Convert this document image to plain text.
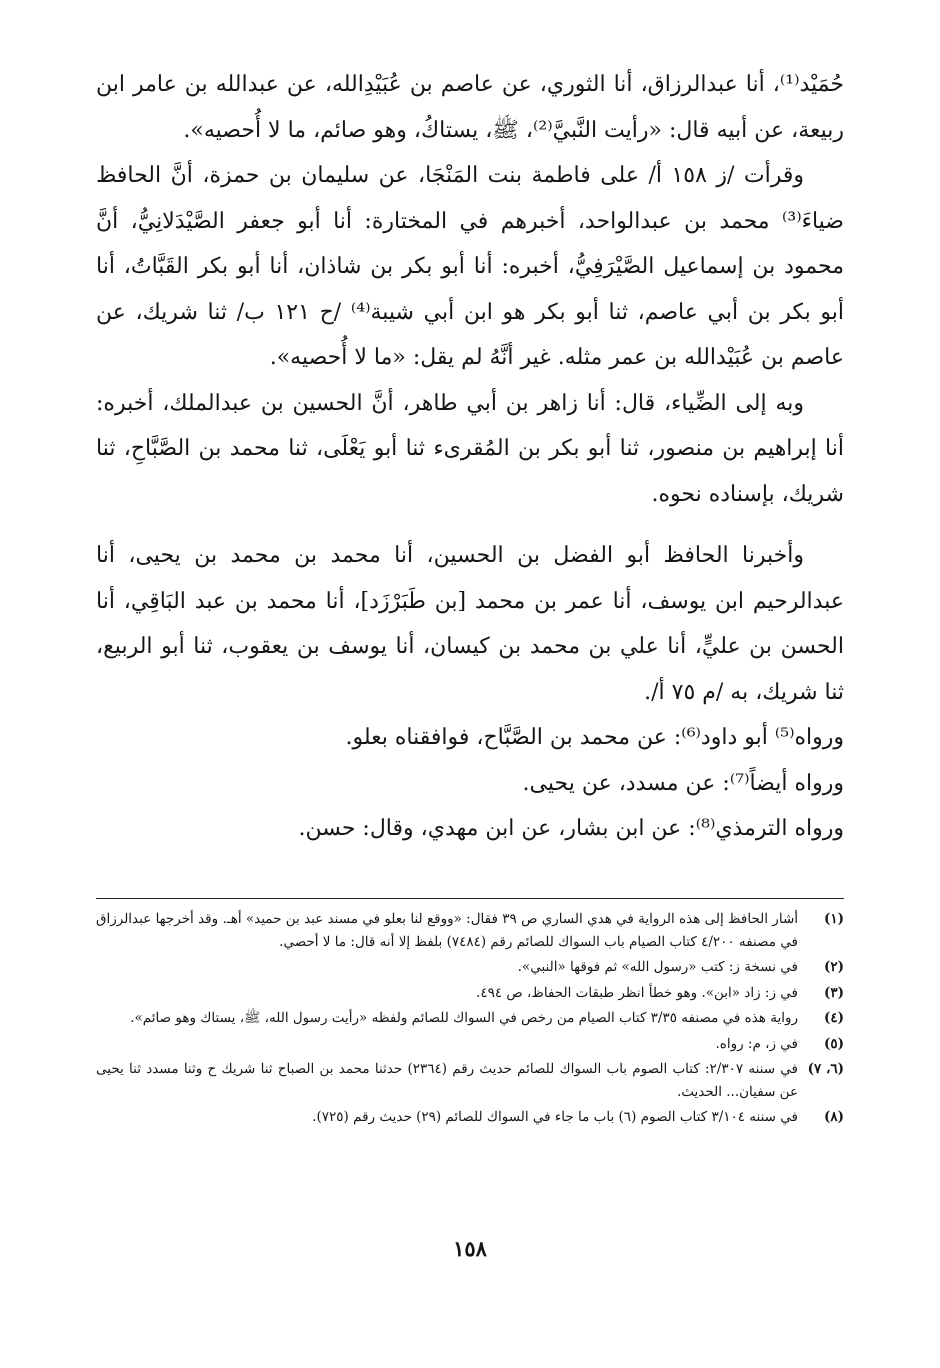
حُمَيْد⁽¹⁾، أنا عبدالرزاق، أنا الثوري، عن عاصم بن عُبَيْدِالله، عن عبدالله بن عامر ابن ربيعة، عن أبيه قال: «رأيت النَّبيَّ⁽²⁾، ﷺ، يستاكُ، وهو صائم، ما لا أُحصيه».

وقرأت /ز ١٥٨ أ/ على فاطمة بنت المَنْجَا، عن سليمان بن حمزة، أنَّ الحافظ ضياءَ⁽³⁾ محمد بن عبدالواحد، أخبرهم في المختارة: أنا أبو جعفر الصَّيْدَلانِيُّ، أنَّ محمود بن إسماعيل الصَّيْرَفِيُّ، أخبره: أنا أبو بكر بن شاذان، أنا أبو بكر القَبَّاتُ، أنا أبو بكر بن أبي عاصم، ثنا أبو بكر هو ابن أبي شيبة⁽⁴⁾ /ح ١٢١ ب/ ثنا شريك، عن عاصم بن عُبَيْدالله بن عمر مثله. غير أنَّهُ لم يقل: «ما لا أُحصيه».

وبه إلى الضِّياء، قال: أنا زاهر بن أبي طاهر، أنَّ الحسين بن عبدالملك، أخبره: أنا إبراهيم بن منصور، ثنا أبو بكر بن المُقرىء ثنا أبو يَعْلَى، ثنا محمد بن الصَّبَّاحِ، ثنا شريك، بإسناده نحوه.

وأخبرنا الحافظ أبو الفضل بن الحسين، أنا محمد بن محمد بن يحيى، أنا عبدالرحيم ابن يوسف، أنا عمر بن محمد [بن طَبَرْزَد]، أنا محمد بن عبد البَاقِي، أنا الحسن بن عليٍّ، أنا علي بن محمد بن كيسان، أنا يوسف بن يعقوب، ثنا أبو الربيع، ثنا شريك، به /م ٧٥ أ/.

ورواه⁽⁵⁾ أبو داود⁽⁶⁾: عن محمد بن الصَّبَّاح، فوافقناه بعلو.

ورواه أيضاً⁽⁷⁾: عن مسدد، عن يحيى.

ورواه الترمذي⁽⁸⁾: عن ابن بشار، عن ابن مهدي، وقال: حسن.

(١)
أشار الحافظ إلى هذه الرواية في هدي الساري ص ٣٩ فقال: «ووقع لنا بعلو في مسند عبد بن حميد» أهـ. وقد أخرجها عبدالرزاق في مصنفه ٤/٢٠٠ كتاب الصيام باب السواك للصائم رقم (٧٤٨٤) بلفظ إلا أنه قال: ما لا أحصي.
(٢)
في نسخة ز: كتب «رسول الله» ثم فوقها «النبي».
(٣)
في ز: زاد «ابن». وهو خطأ انظر طبقات الحفاظ، ص ٤٩٤.
(٤)
رواية هذه في مصنفه ٣/٣٥ كتاب الصيام من رخص في السواك للصائم ولفظه «رأيت رسول الله، ﷺ، يستاك وهو صائم».
(٥)
في ز، م: رواه.
(٦، ٧)
في سننه ٢/٣٠٧: كتاب الصوم باب السواك للصائم حديث رقم (٢٣٦٤) حدثنا محمد بن الصباح ثنا شريك ح وثنا مسدد ثنا يحيى عن سفيان... الحديث.
(٨)
في سننه ٣/١٠٤ كتاب الصوم (٦) باب ما جاء في السواك للصائم (٢٩) حديث رقم (٧٢٥).
١٥٨
